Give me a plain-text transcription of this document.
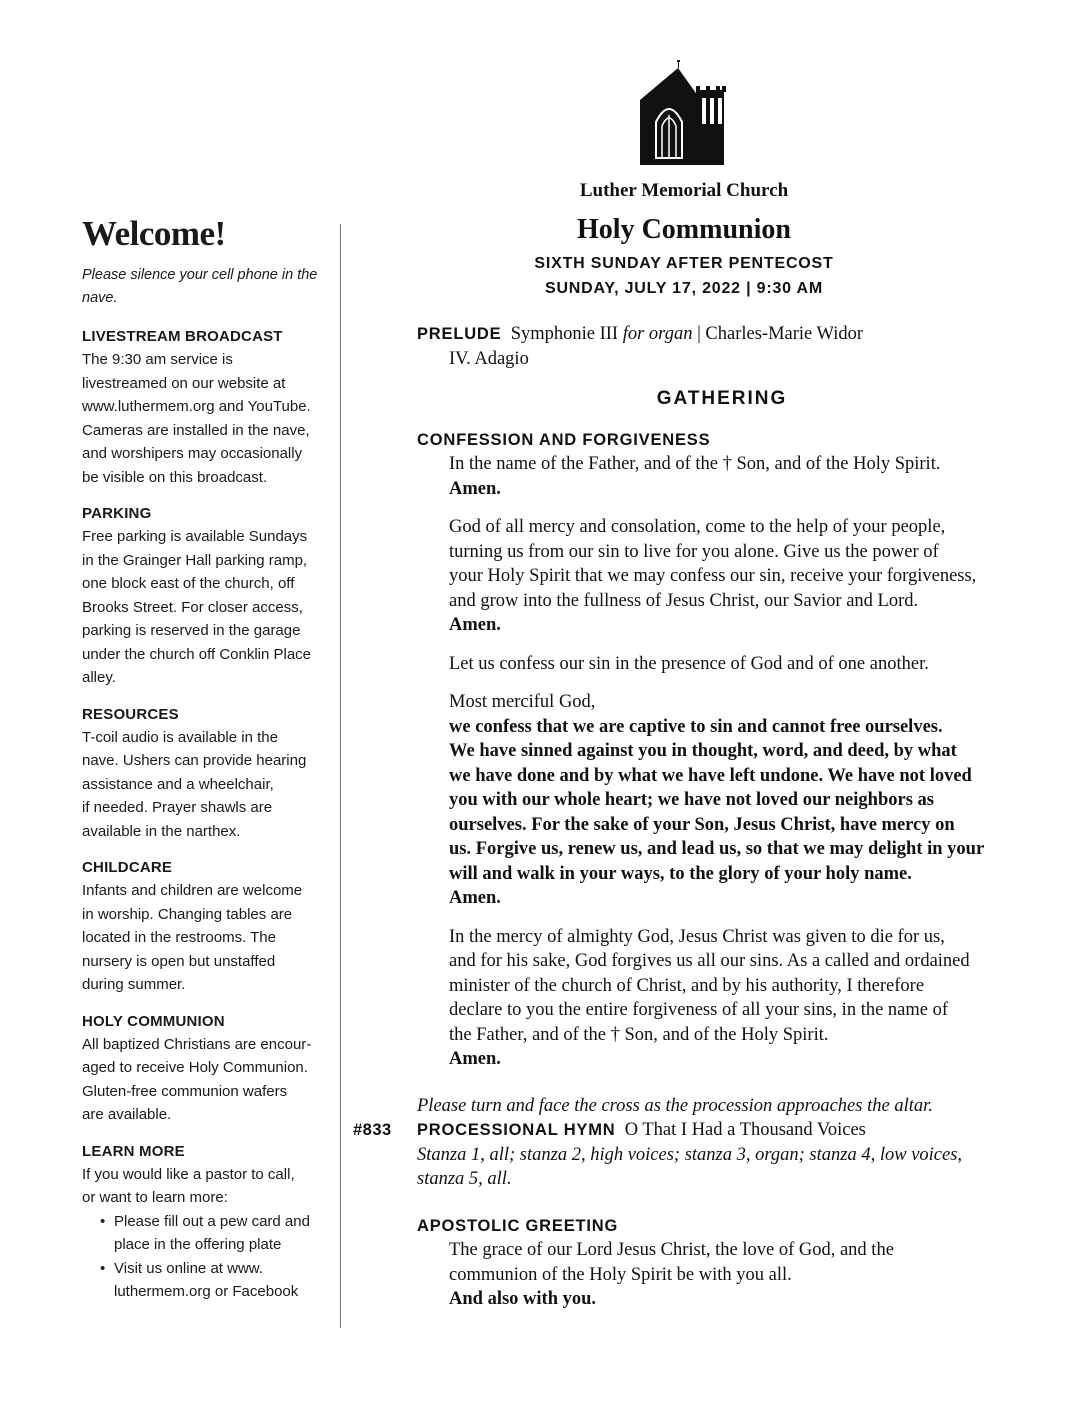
Luther Memorial Church
Holy Communion
SIXTH SUNDAY AFTER PENTECOST
SUNDAY, JULY 17, 2022 | 9:30 AM
Welcome!

Please silence your cell phone in the nave.

LIVESTREAM BROADCAST

The 9:30 am service is
livestreamed on our website at
www.luthermem.org and YouTube.
Cameras are installed in the nave,
and worshipers may occasionally
be visible on this broadcast.

PARKING

Free parking is available Sundays
in the Grainger Hall parking ramp,
one block east of the church, off
Brooks Street. For closer access,
parking is reserved in the garage
under the church off Conklin Place
alley.

RESOURCES

T-coil audio is available in the
nave. Ushers can provide hearing
assistance and a wheelchair,
if needed. Prayer shawls are
available in the narthex.

CHILDCARE

Infants and children are welcome
in worship. Changing tables are
located in the restrooms. The
nursery is open but unstaffed
during summer.

HOLY COMMUNION

All baptized Christians are encour-
aged to receive Holy Communion.
Gluten-free communion wafers
are available.

LEARN MORE

If you would like a pastor to call,
or want to learn more:

• Please fill out a pew card and
place in the offering plate
• Visit us online at www.
luthermem.org or Facebook
PRELUDE Symphonie III for organ | Charles-Marie Widor
IV. Adagio
GATHERING
CONFESSION AND FORGIVENESS

In the name of the Father, and of the † Son, and of the Holy Spirit.

Amen.

God of all mercy and consolation, come to the help of your people,

turning us from our sin to live for you alone. Give us the power of

your Holy Spirit that we may confess our sin, receive your forgiveness,

and grow into the fullness of Jesus Christ, our Savior and Lord.

Amen.

Let us confess our sin in the presence of God and of one another.

Most merciful God,

we confess that we are captive to sin and cannot free ourselves.

We have sinned against you in thought, word, and deed, by what

we have done and by what we have left undone. We have not loved

you with our whole heart; we have not loved our neighbors as

ourselves. For the sake of your Son, Jesus Christ, have mercy on

us. Forgive us, renew us, and lead us, so that we may delight in your

will and walk in your ways, to the glory of your holy name.

Amen.

In the mercy of almighty God, Jesus Christ was given to die for us,

and for his sake, God forgives us all our sins. As a called and ordained

minister of the church of Christ, and by his authority, I therefore

declare to you the entire forgiveness of all your sins, in the name of

the Father, and of the † Son, and of the Holy Spirit.

Amen.

Please turn and face the cross as the procession approaches the altar.
#833 PROCESSIONAL HYMN O That I Had a Thousand Voices
Stanza 1, all; stanza 2, high voices; stanza 3, organ; stanza 4, low voices,
stanza 5, all.
APOSTOLIC GREETING
The grace of our Lord Jesus Christ, the love of God, and the
communion of the Holy Spirit be with you all.
And also with you.
